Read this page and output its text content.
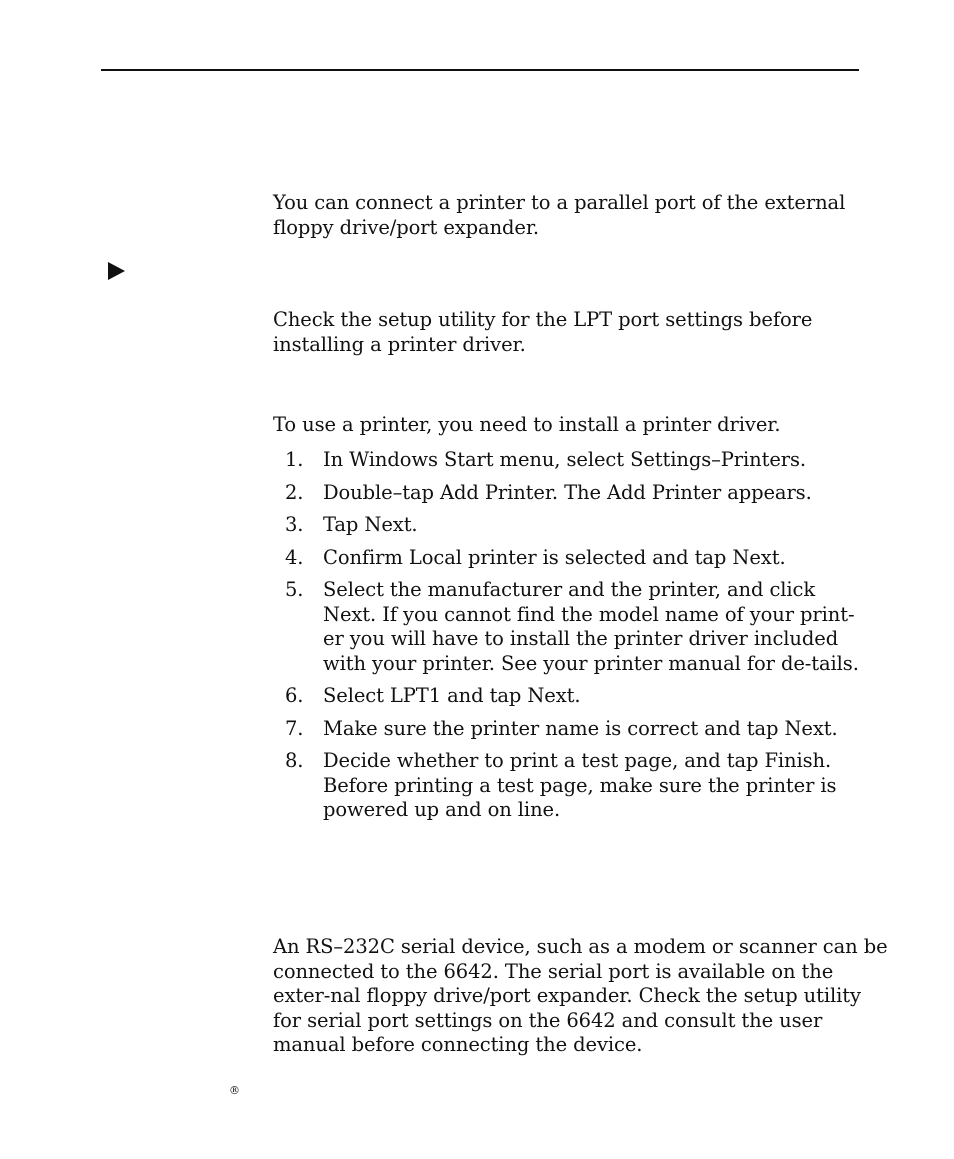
You can connect a printer to a parallel port of the external floppy drive/port expander.

Check the setup utility for the LPT port settings before installing a printer driver.

To use a printer, you need to install a printer driver.

1.	In Windows Start menu, select Settings–Printers.
2.	Double–tap Add Printer. The Add Printer appears.
3.	Tap Next.
4.	Confirm Local printer is selected and tap Next.
5.	Select the manufacturer and the printer, and click Next. If you cannot find the model name of your print-er you will have to install the printer driver included with your printer. See your printer manual for de-tails.
6.	Select LPT1 and tap Next.
7.	Make sure the printer name is correct and tap Next.
8.	Decide whether to print a test page, and tap Finish. Before printing a test page, make sure the printer is powered up and on line.

An RS–232C serial device, such as a modem or scanner can be connected to the 6642. The serial port is available on the exter-nal floppy drive/port expander. Check the setup utility for serial port settings on the 6642 and consult the user manual before connecting the device.

®
